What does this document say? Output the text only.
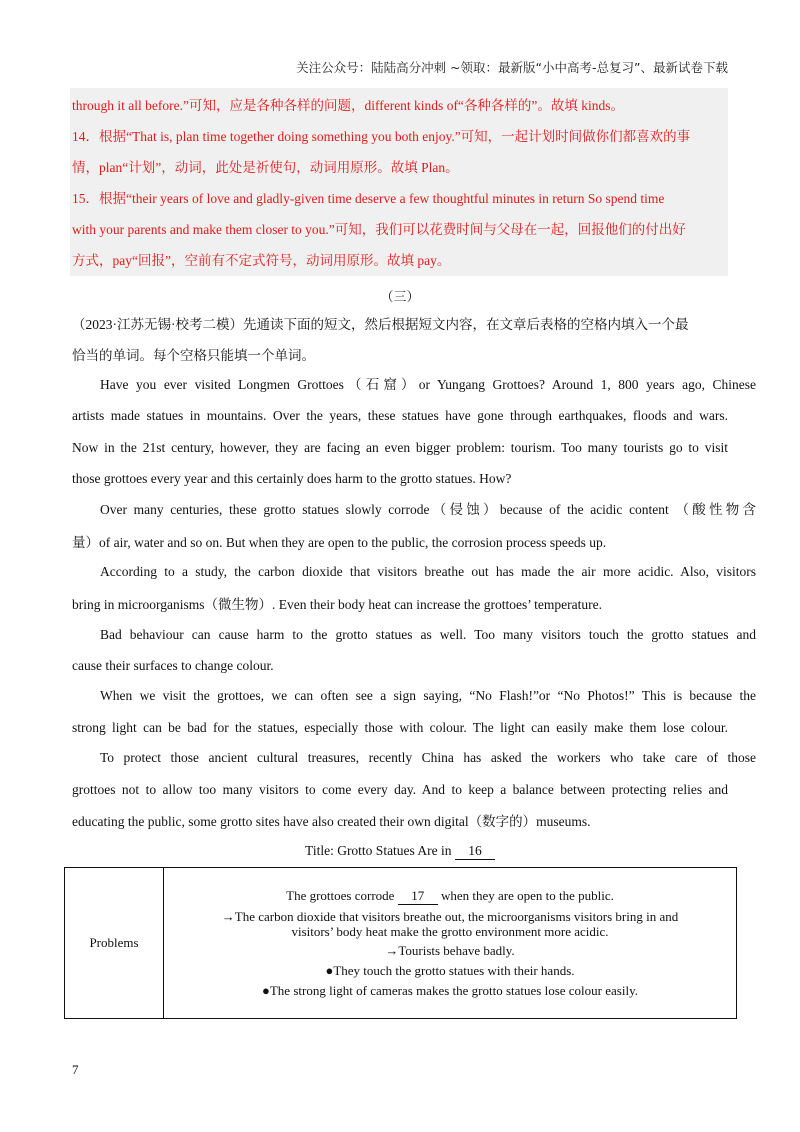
关注公众号：陆陆高分冲刺 ~领取：最新版“小中高考-总复习”、最新试卷下载
through it all before.”可知，应是各种各样的问题，different kinds of“各种各样的”。故填 kinds。
14．根据“That is, plan time together doing something you both enjoy.”可知，一起计划时间做你们都喜欢的事
情，plan“计划”，动词，此处是祈使句，动词用原形。故填 Plan。
15．根据“their years of love and gladly-given time deserve a few thoughtful minutes in return So spend time
with your parents and make them closer to you.”可知，我们可以花费时间与父母在一起，回报他们的付出好
方式，pay“回报”，空前有不定式符号，动词用原形。故填 pay。
（三）
（2023·江苏无锡·校考二模）先通读下面的短文，然后根据短文内容，在文章后表格的空格内填入一个最
恰当的单词。每个空格只能填一个单词。
Have you ever visited Longmen Grottoes（石窟）or Yungang Grottoes? Around 1, 800 years ago, Chinese
artists made statues in mountains. Over the years, these statues have gone through earthquakes, floods and wars.
Now in the 21st century, however, they are facing an even bigger problem: tourism. Too many tourists go to visit
those grottoes every year and this certainly does harm to the grotto statues. How?
Over many centuries, these grotto statues slowly corrode（侵蚀）because of the acidic content （酸性物含
量）of air, water and so on. But when they are open to the public, the corrosion process speeds up.
According to a study, the carbon dioxide that visitors breathe out has made the air more acidic. Also, visitors
bring in microorganisms（微生物）. Even their body heat can increase the grottoes’ temperature.
Bad behaviour can cause harm to the grotto statues as well. Too many visitors touch the grotto statues and
cause their surfaces to change colour.
When we visit the grottoes, we can often see a sign saying, “No Flash!”or “No Photos!” This is because the
strong light can be bad for the statues, especially those with colour. The light can easily make them lose colour.
To protect those ancient cultural treasures, recently China has asked the workers who take care of those
grottoes not to allow too many visitors to come every day. And to keep a balance between protecting relies and
educating the public, some grotto sites have also created their own digital（数字的）museums.
Title: Grotto Statues Are in 16
Problems	
The grottoes corrode 17 when they are open to the public.
→The carbon dioxide that visitors breathe out, the microorganisms visitors bring in and
visitors’ body heat make the grotto environment more acidic.
→Tourists behave badly.
●They touch the grotto statues with their hands.
●The strong light of cameras makes the grotto statues lose colour easily.
7
